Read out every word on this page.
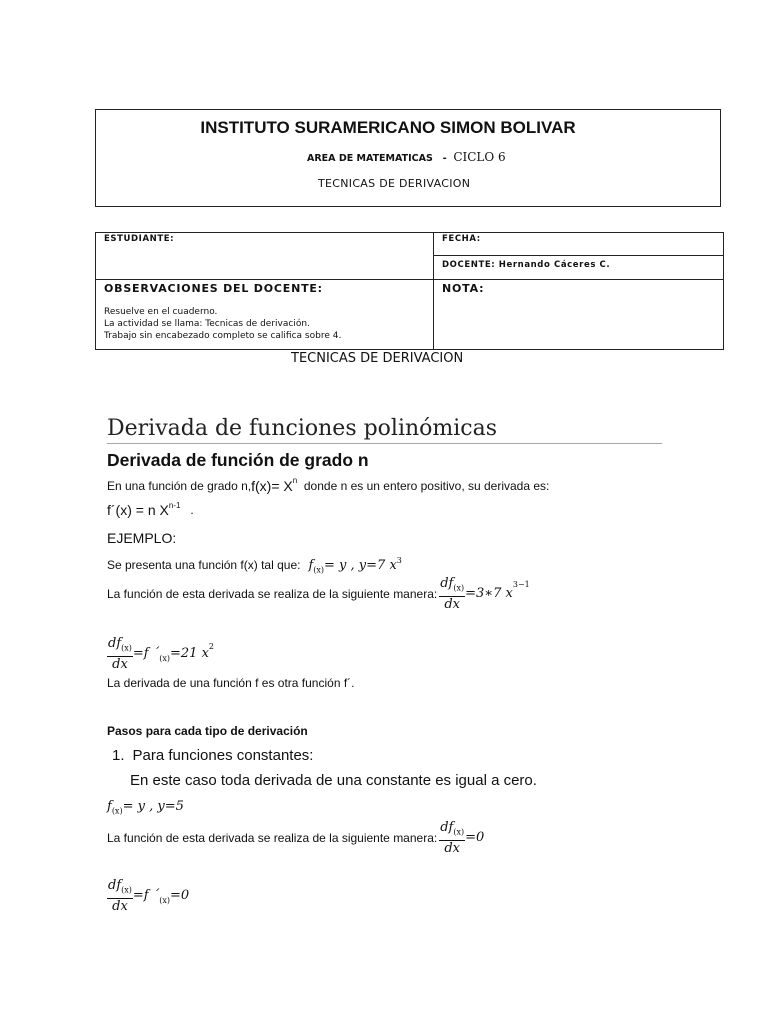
INSTITUTO SURAMERICANO SIMON BOLIVAR
AREA DE MATEMATICAS - CICLO 6
TECNICAS DE DERIVACION
ESTUDIANTE:	FECHA:

	DOCENTE: Hernando Cáceres C.

OBSERVACIONES DEL DOCENTE:
Resuelve en el cuaderno.
La actividad se llama: Tecnicas de derivación.
Trabajo sin encabezado completo se califica sobre 4.	NOTA:
TECNICAS DE DERIVACION
Derivada de funciones polinómicas
Derivada de función de grado n
En una función de grado n, $f(x)= X^n$ donde n es un entero positivo, su derivada es:
f´(x) = n $X^{n-1}$ .
EJEMPLO:
Se presenta una función f(x) tal que: $f_{(x)}= y$ , y=7 $x^3$
La función de esta derivada se realiza de la siguiente manera: $\frac{df_{(x)}}{dx}$ =3∗7 x
$^{3-1}$
$\frac{df_{(x)}}{dx} =f$ $´_{(x)} =21$ $x^2$
La derivada de una función f es otra función f´.
Pasos para cada tipo de derivación
1. Para funciones constantes:
En este caso toda derivada de una constante es igual a cero.
$f_{(x)}= y$ , y=5
La función de esta derivada se realiza de la siguiente manera: $\frac{df_{(x)}}{dx} =0$
$\frac{df_{(x)}}{dx} =f$ $´_{(x)} =0$
